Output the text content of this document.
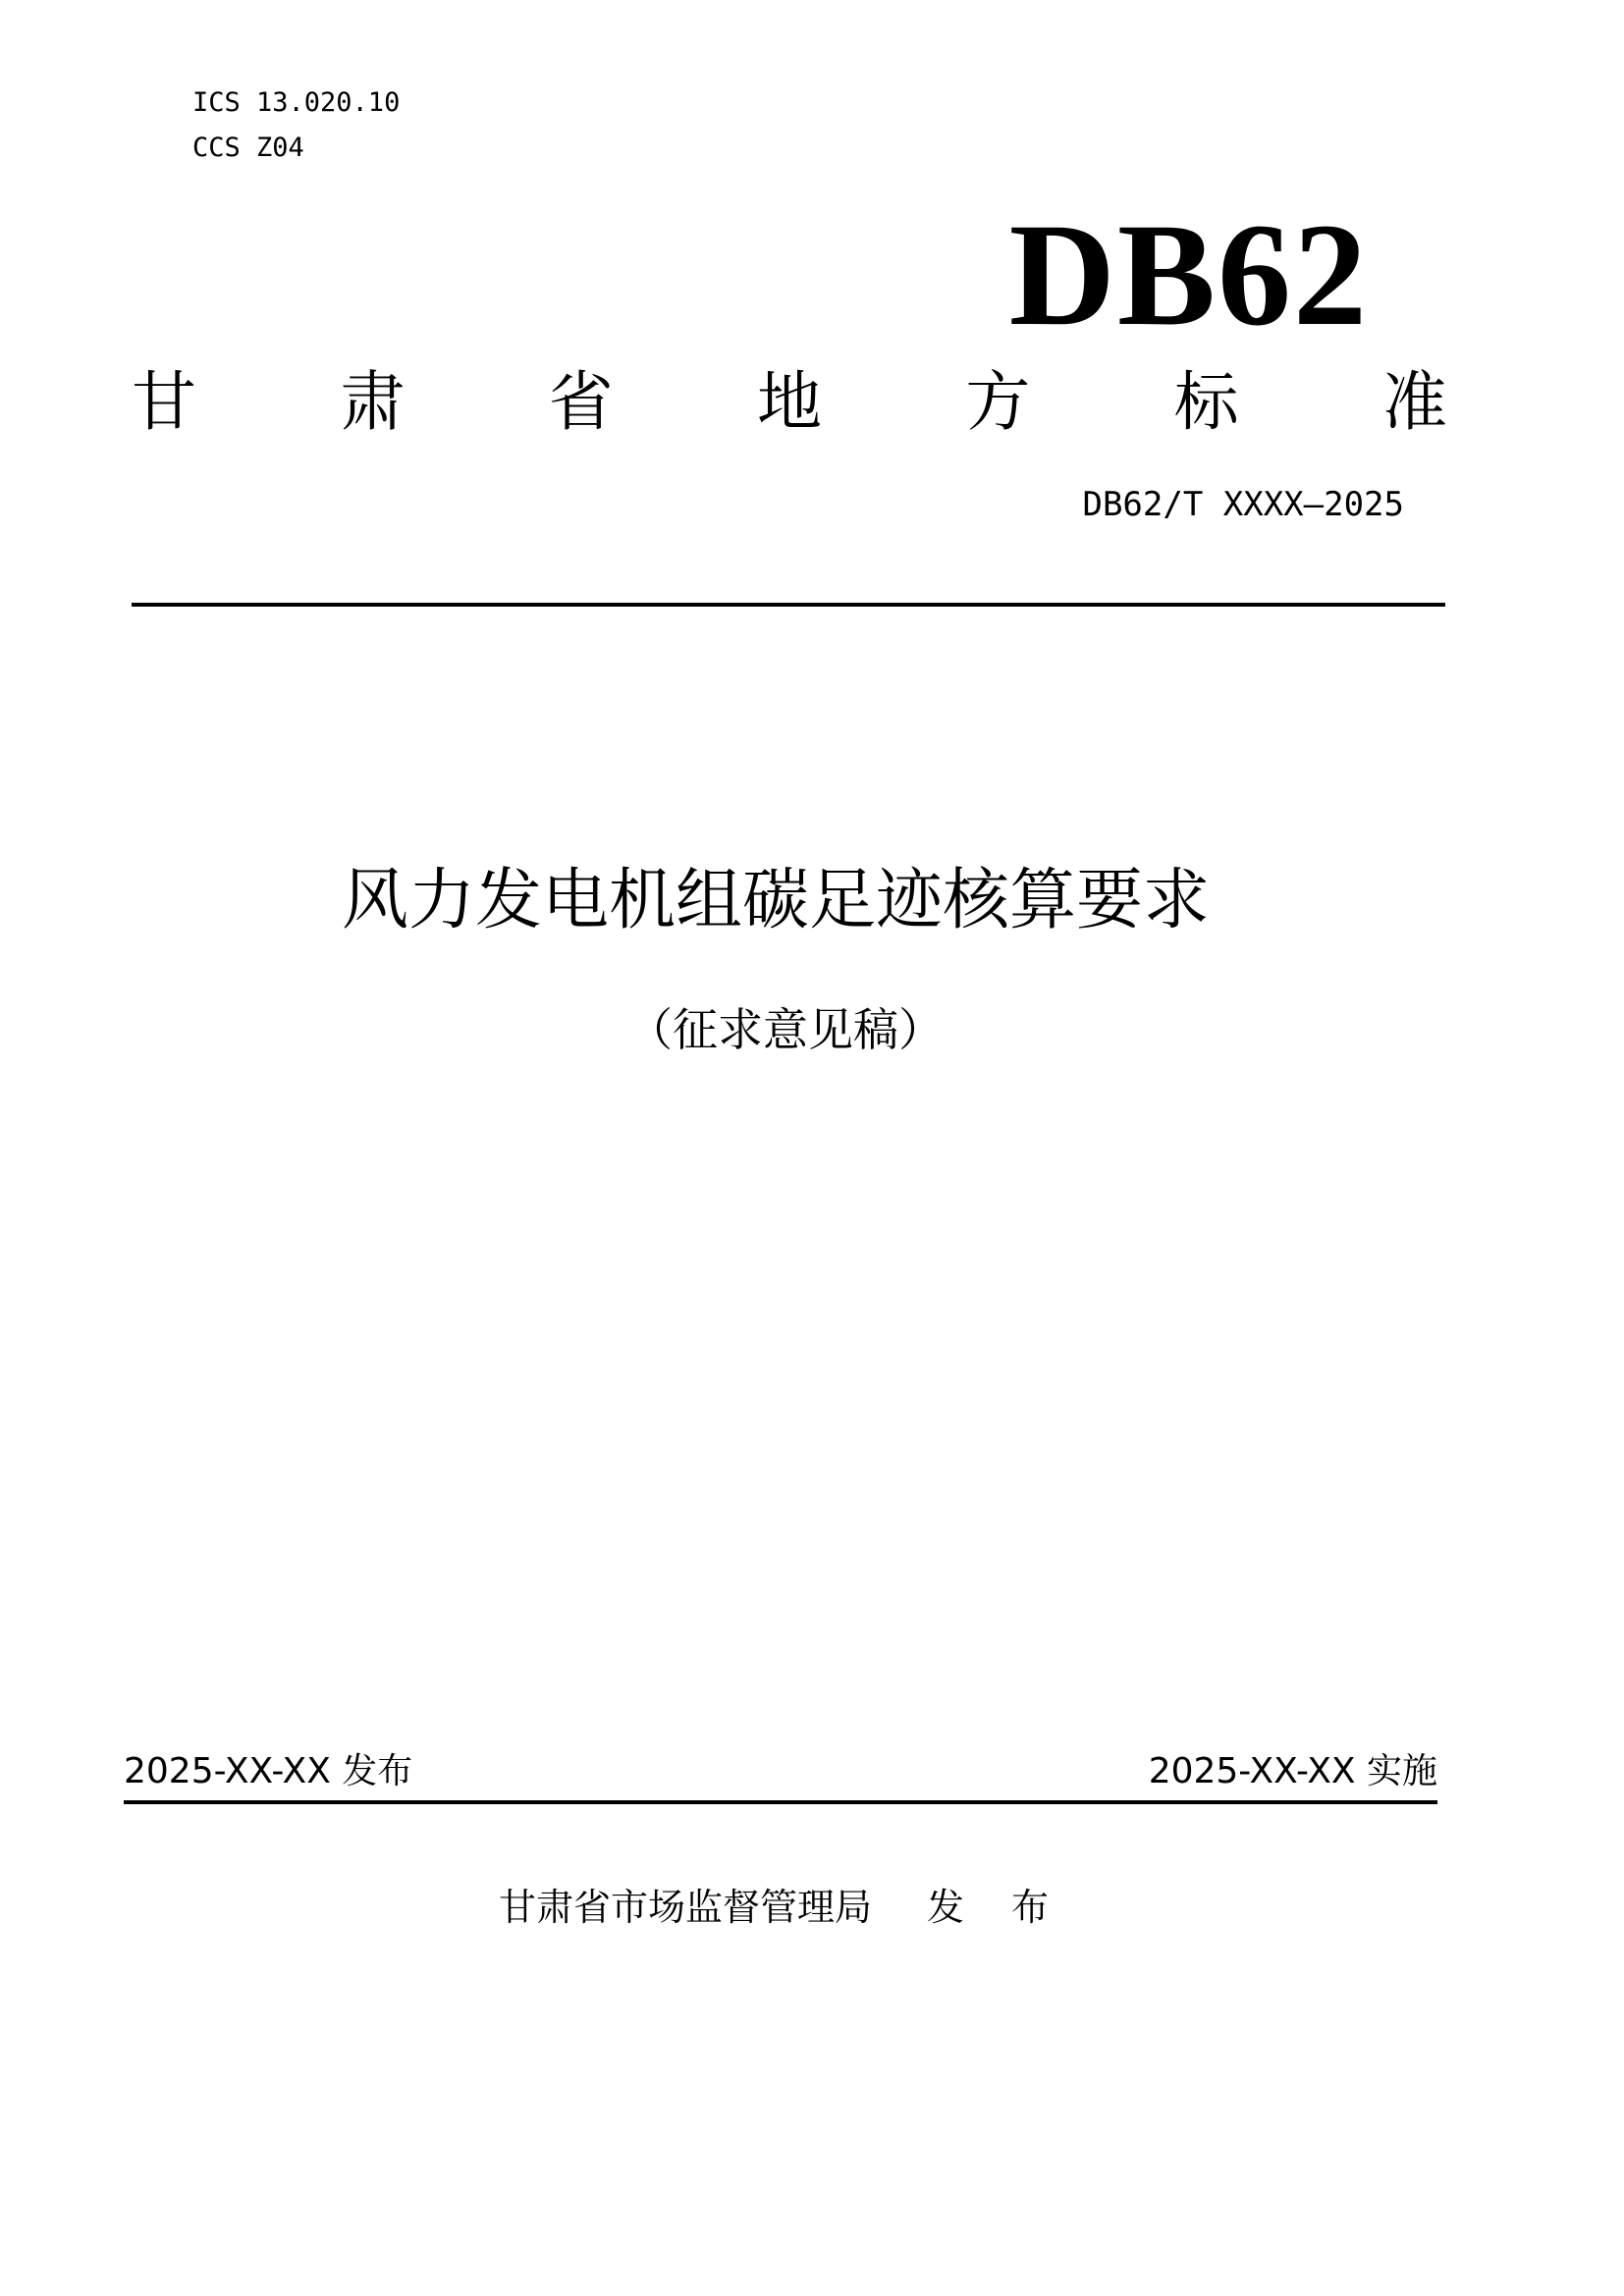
ICS 13.020.10
CCS Z04
DB62
甘 肃 省 地 方 标 准
DB62/T XXXX—2025
风力发电机组碳足迹核算要求
（征求意见稿）
2025-XX-XX 发布	2025-XX-XX 实施
甘肃省市场监督管理局 发 布
